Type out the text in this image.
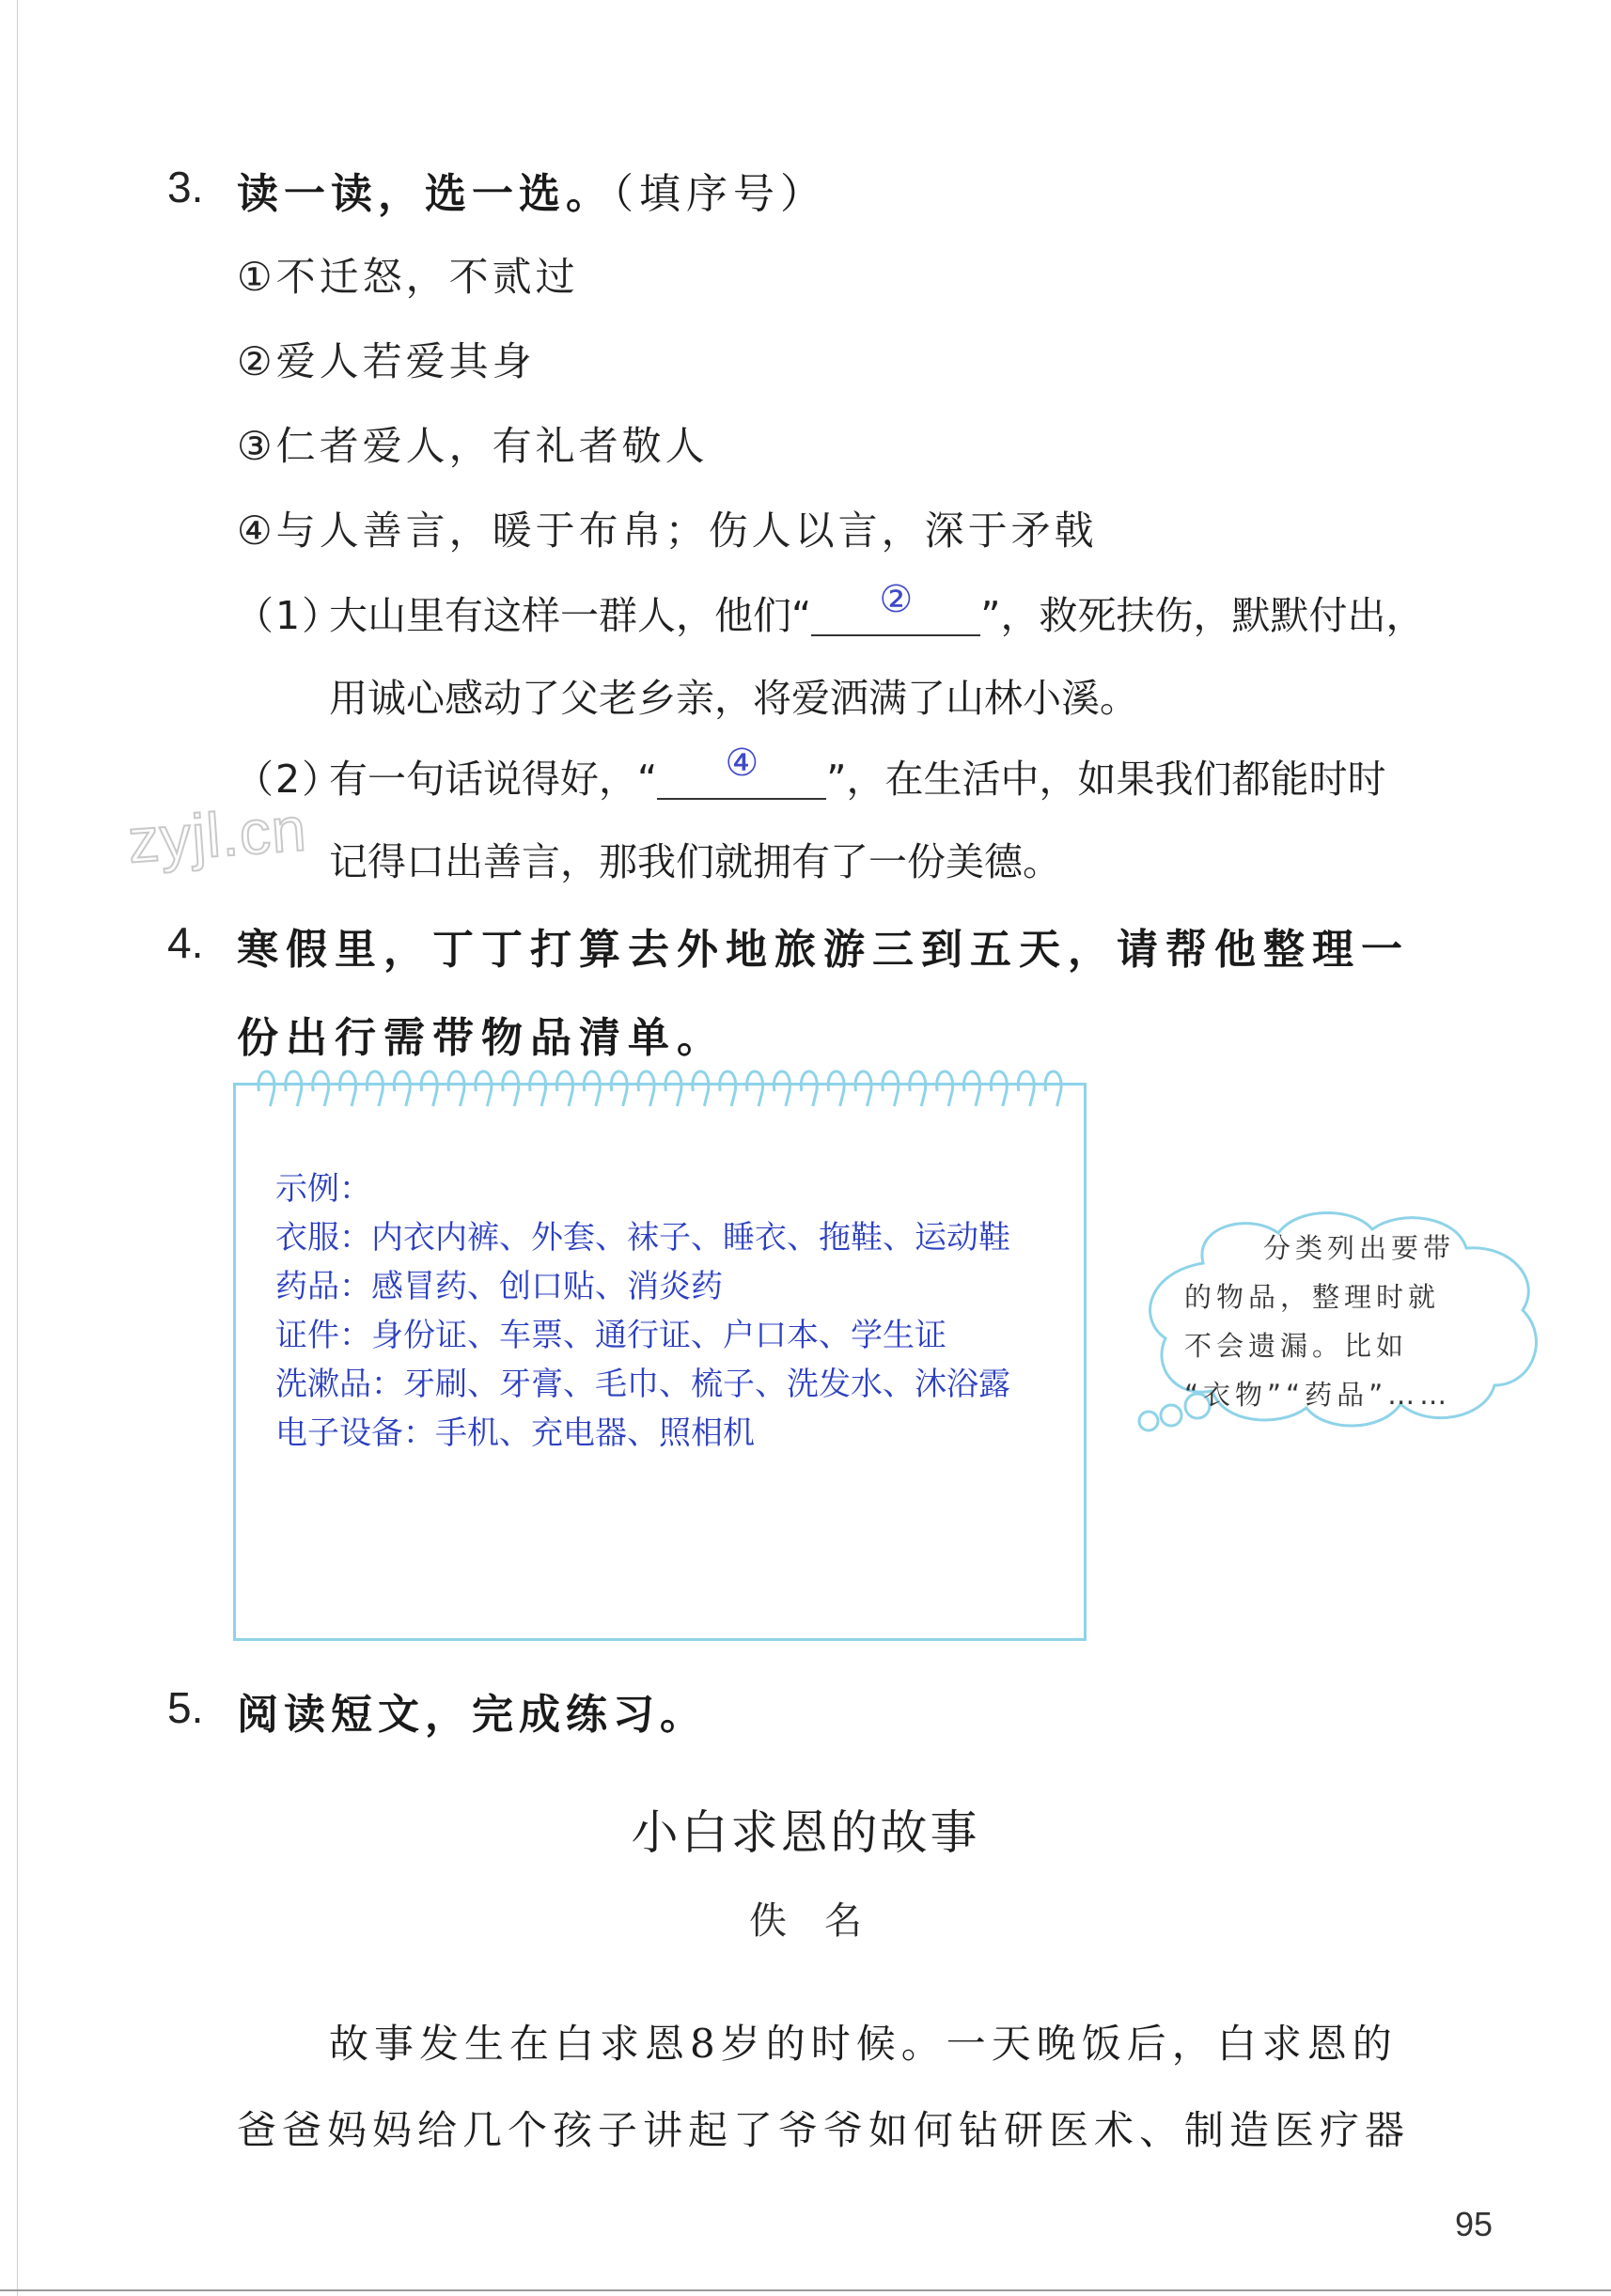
3. 读一读，选一选。（填序号）
①不迁怒，不贰过
②爱人若爱其身
③仁者爱人，有礼者敬人
④与人善言，暖于布帛；伤人以言，深于矛戟
（1）大山里有这样一群人，他们“	②	”，救死扶伤，默默付出，
用诚心感动了父老乡亲，将爱洒满了山林小溪。
（2）有一句话说得好，“	④	”，在生活中，如果我们都能时时
记得口出善言，那我们就拥有了一份美德。
zyjl.cn
4. 寒假里，丁丁打算去外地旅游三到五天，请帮他整理一
份出行需带物品清单。
示例：
衣服：内衣内裤、外套、袜子、睡衣、拖鞋、运动鞋
药品：感冒药、创口贴、消炎药
证件：身份证、车票、通行证、户口本、学生证
洗漱品：牙刷、牙膏、毛巾、梳子、洗发水、沐浴露
电子设备：手机、充电器、照相机
分类列出要带
的物品，整理时就
不会遗漏。比如
“衣物”“药品”……
5. 阅读短文，完成练习。
小白求恩的故事
佚名
故事发生在白求恩8岁的时候。一天晚饭后，白求恩的
爸爸妈妈给几个孩子讲起了爷爷如何钻研医术、制造医疗器
95
